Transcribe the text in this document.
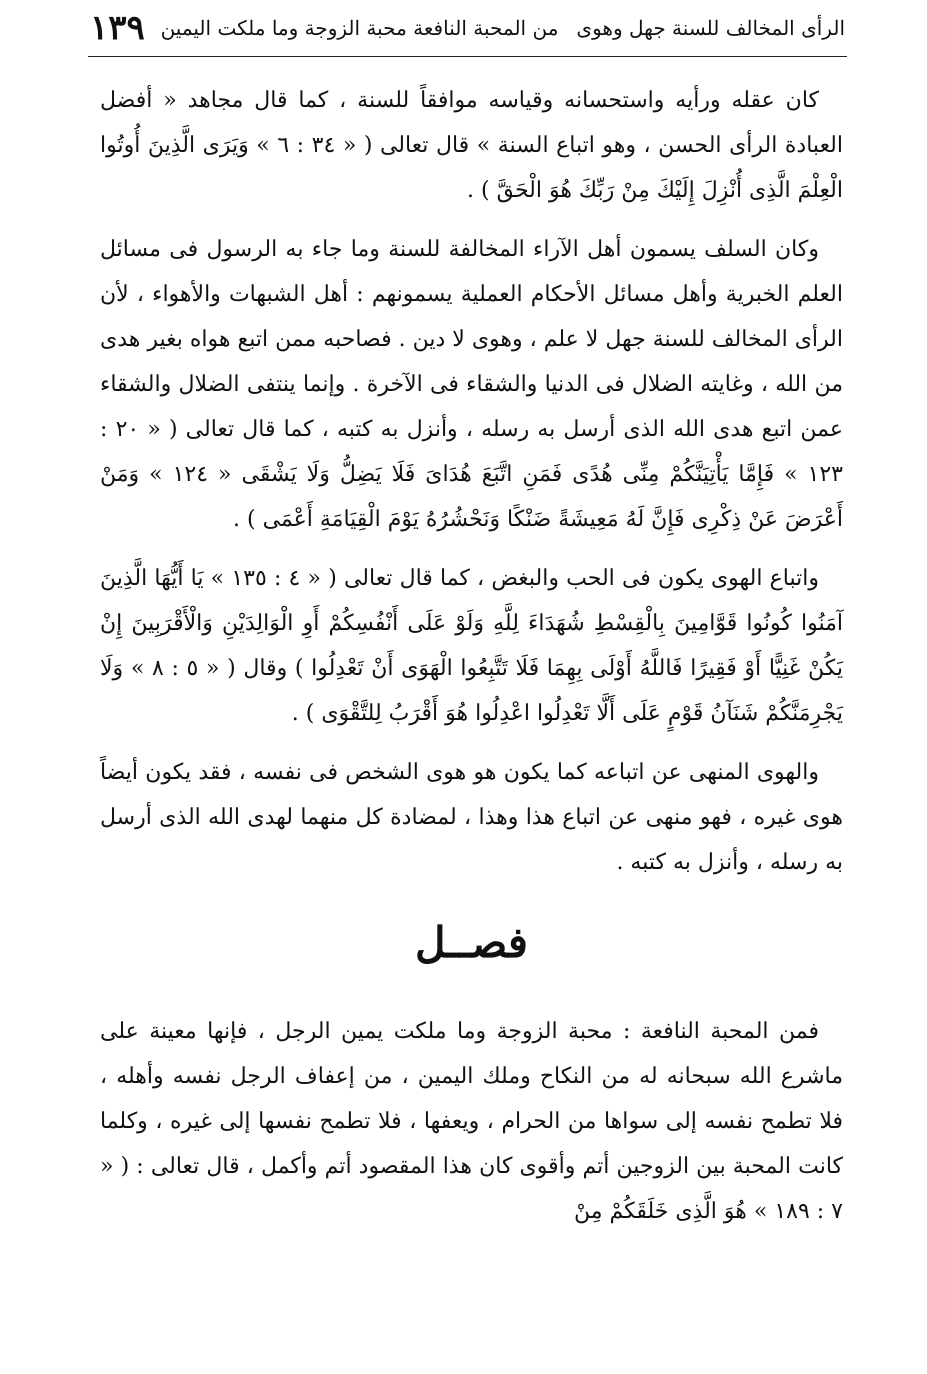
الرأى المخالف للسنة جهل وهوى
من المحبة النافعة محبة الزوجة وما ملكت اليمين
١٣٩

كان عقله ورأيه واستحسانه وقياسه موافقاً للسنة ، كما قال مجاهد « أفضل العبادة الرأى الحسن ، وهو اتباع السنة » قال تعالى ( « ٣٤ : ٦ » وَيَرَى الَّذِينَ أُوتُوا الْعِلْمَ الَّذِى أُنْزِلَ إِلَيْكَ مِنْ رَبِّكَ هُوَ الْحَقَّ ) .

وكان السلف يسمون أهل الآراء المخالفة للسنة وما جاء به الرسول فى مسائل العلم الخبرية وأهل مسائل الأحكام العملية يسمونهم : أهل الشبهات والأهواء ، لأن الرأى المخالف للسنة جهل لا علم ، وهوى لا دين . فصاحبه ممن اتبع هواه بغير هدى من الله ، وغايته الضلال فى الدنيا والشقاء فى الآخرة . وإنما ينتفى الضلال والشقاء عمن اتبع هدى الله الذى أرسل به رسله ، وأنزل به كتبه ، كما قال تعالى ( « ٢٠ : ١٢٣ » فَإِمَّا يَأْتِيَنَّكُمْ مِنِّى هُدًى فَمَنِ اتَّبَعَ هُدَاىَ فَلَا يَضِلُّ وَلَا يَشْقَى « ١٢٤ » وَمَنْ أَعْرَضَ عَنْ ذِكْرِى فَإِنَّ لَهُ مَعِيشَةً ضَنْكًا وَنَحْشُرُهُ يَوْمَ الْقِيَامَةِ أَعْمَى ) .

واتباع الهوى يكون فى الحب والبغض ، كما قال تعالى ( « ٤ : ١٣٥ » يَا أَيُّهَا الَّذِينَ آمَنُوا كُونُوا قَوَّامِينَ بِالْقِسْطِ شُهَدَاءَ لِلَّهِ وَلَوْ عَلَى أَنْفُسِكُمْ أَوِ الْوَالِدَيْنِ وَالْأَقْرَبِينَ إِنْ يَكُنْ غَنِيًّا أَوْ فَقِيرًا فَاللَّهُ أَوْلَى بِهِمَا فَلَا تَتَّبِعُوا الْهَوَى أَنْ تَعْدِلُوا ) وقال ( « ٥ : ٨ » وَلَا يَجْرِمَنَّكُمْ شَنَآنُ قَوْمٍ عَلَى أَلَّا تَعْدِلُوا اعْدِلُوا هُوَ أَقْرَبُ لِلتَّقْوَى ) .

والهوى المنهى عن اتباعه كما يكون هو هوى الشخص فى نفسه ، فقد يكون أيضاً هوى غيره ، فهو منهى عن اتباع هذا وهذا ، لمضادة كل منهما لهدى الله الذى أرسل به رسله ، وأنزل به كتبه .

فصــل

فمن المحبة النافعة : محبة الزوجة وما ملكت يمين الرجل ، فإنها معينة على ماشرع الله سبحانه له من النكاح وملك اليمين ، من إعفاف الرجل نفسه وأهله ، فلا تطمح نفسه إلى سواها من الحرام ، ويعفها ، فلا تطمح نفسها إلى غيره ، وكلما كانت المحبة بين الزوجين أتم وأقوى كان هذا المقصود أتم وأكمل ، قال تعالى : ( « ٧ : ١٨٩ » هُوَ الَّذِى خَلَقَكُمْ مِنْ
